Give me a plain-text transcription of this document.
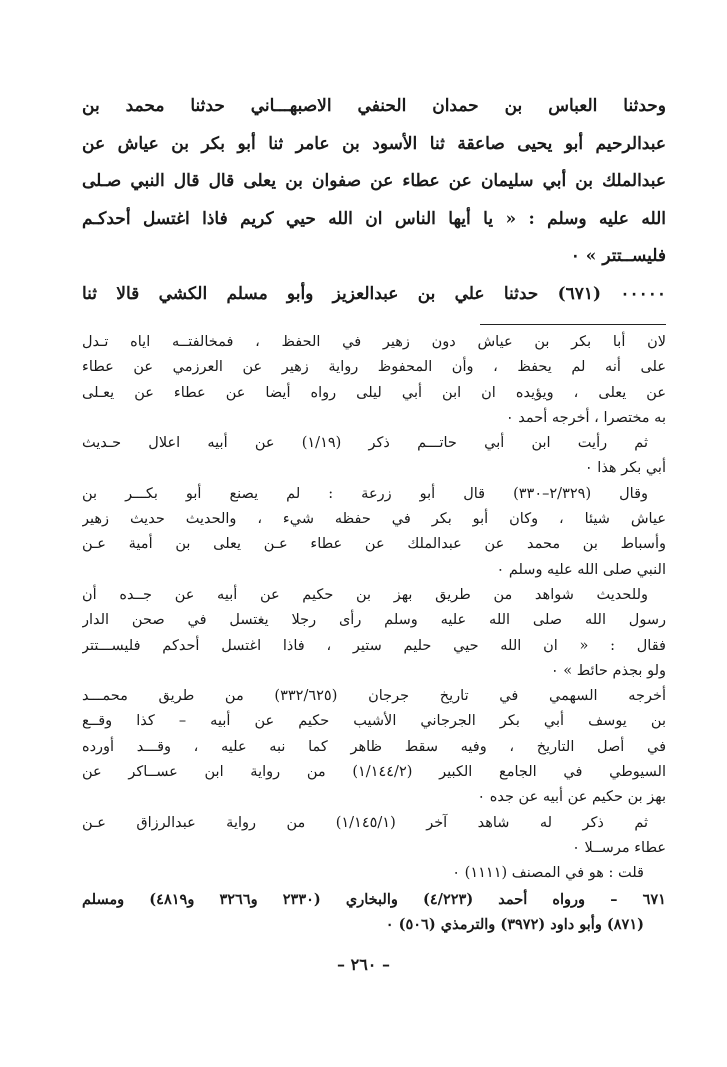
وحدثنا العباس بن حمدان الحنفي الاصبهـــاني حدثنا محمد بن
عبدالرحيم أبو يحيى صاعقة ثنا الأسود بن عامر ثنا أبو بكر بن عياش عن
عبدالملك بن أبي سليمان عن عطاء عن صفوان بن يعلى قال قال النبي صـلى
الله عليه وسلم : « يا أيها الناس ان الله حيي كريم فاذا اغتسل أحدكـم
فليســتتر » ٠
٠٠٠٠٠ (٦٧١) حدثنا علي بن عبدالعزيز وأبو مسلم الكشي قالا ثنا
لان أبا بكر بن عياش دون زهير في الحفظ ، فمخالفتــه اياه تـدل
على أنه لم يحفظ ، وأن المحفوظ رواية زهير عن العرزمي عن عطاء
عن يعلى ، ويؤيده ان ابن أبي ليلى رواه أيضا عن عطاء عن يعـلى
به مختصرا ، أخرجه أحمد ٠
ثم رأيت ابن أبي حاتـــم ذكر (١/١٩) عن أبيه اعلال حـديث
أبي بكر هذا ٠
وقال (٢/٣٢٩–٣٣٠) قال أبو زرعة : لم يصنع أبو بكـــر بن
عياش شيئا ، وكان أبو بكر في حفظه شيء ، والحديث حديث زهير
وأسباط بن محمد عن عبدالملك عن عطاء عـن يعلى بن أمية عـن
النبي صلى الله عليه وسلم ٠
وللحديث شواهد من طريق بهز بن حكيم عن أبيه عن جــده أن
رسول الله صلى الله عليه وسلم رأى رجلا يغتسل في صحن الدار
فقال : « ان الله حيي حليم ستير ، فاذا اغتسل أحدكم فليســـتتر
ولو بجذم حائط » ٠
أخرجه السهمي في تاريخ جرجان (٣٣٢/٦٢٥) من طريق محمـــد
بن يوسف أبي بكر الجرجاني الأشيب حكيم عن أبيه – كذا وقــع
في أصل التاريخ ، وفيه سقط ظاهر كما نبه عليه ، وقـــد أورده
السيوطي في الجامع الكبير (١/١٤٤/٢) من رواية ابن عســاكر عن
بهز بن حكيم عن أبيه عن جده ٠
ثم ذكر له شاهد آخر (١/١٤٥/١) من رواية عبدالرزاق عـن
عطاء مرســلا ٠
قلت : هو في المصنف (١١١١) ٠
٦٧١ – ورواه أحمد (٤/٢٢٣) والبخاري (٢٣٣٠ و٣٢٦٦ و٤٨١٩) ومسلم
(٨٧١) وأبو داود (٣٩٧٢) والترمذي (٥٠٦) ٠
– ٢٦٠ –
